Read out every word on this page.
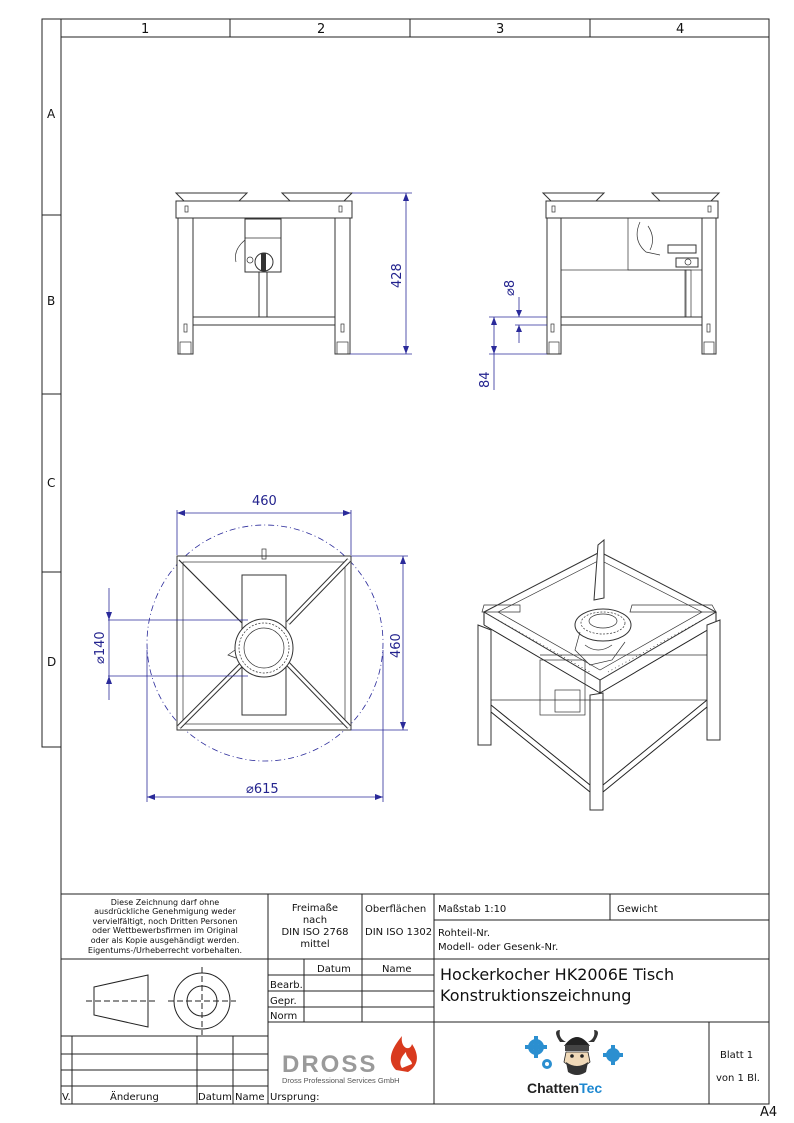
1	2	3	4
A
B
C
D
A4
428	⌀8
84
460
460
⌀140
⌀615
Diese Zeichnung darf ohne
ausdrückliche Genehmigung weder
vervielfältigt, noch Dritten Personen
oder Wettbewerbsfirmen im Original
oder als Kopie ausgehändigt werden.
Eigentums-/Urheberrecht vorbehalten.
Freimaße
nach
DIN ISO 2768
mittel
Oberflächen
DIN ISO 1302
Maßstab 1:10	Gewicht
Rohteil-Nr.
Modell- oder Gesenk-Nr.
Datum	Name
Bearb.
Gepr.
Norm
Hockerkocher HK2006E Tisch
Konstruktionszeichnung
Blatt 1
von 1 Bl.
V.	Änderung	Datum Name Ursprung:
DROSS
Dross Professional Services GmbH	ChattenTec
